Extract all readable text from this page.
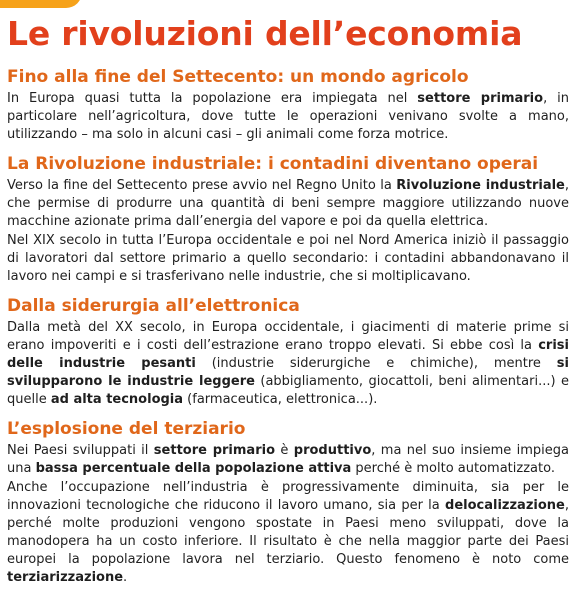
Le rivoluzioni dell’economia
Fino alla fine del Settecento: un mondo agricolo

In Europa quasi tutta la popolazione era impiegata nel settore primario, in particolare nell’agricoltura, dove tutte le operazioni venivano svolte a mano, utilizzando – ma solo in alcuni casi – gli animali come forza motrice.

La Rivoluzione industriale: i contadini diventano operai

Verso la fine del Settecento prese avvio nel Regno Unito la Rivoluzione industriale, che permise di produrre una quantità di beni sempre maggiore utilizzando nuove macchine azionate prima dall’energia del vapore e poi da quella elettrica.

Nel XIX secolo in tutta l’Europa occidentale e poi nel Nord America iniziò il passaggio di lavoratori dal settore primario a quello secondario: i contadini abbandonavano il lavoro nei campi e si trasferivano nelle industrie, che si moltiplicavano.

Dalla siderurgia all’elettronica

Dalla metà del XX secolo, in Europa occidentale, i giacimenti di materie prime si erano impoveriti e i costi dell’estrazione erano troppo elevati. Si ebbe così la crisi delle industrie pesanti (industrie siderurgiche e chimiche), mentre si svilupparono le industrie leggere (abbigliamento, giocattoli, beni alimentari...) e quelle ad alta tecnologia (farmaceutica, elettronica...).

L’esplosione del terziario

Nei Paesi sviluppati il settore primario è produttivo, ma nel suo insieme impiega una bassa percentuale della popolazione attiva perché è molto automatizzato.

Anche l’occupazione nell’industria è progressivamente diminuita, sia per le innovazioni tecnologiche che riducono il lavoro umano, sia per la delocalizzazione, perché molte produzioni vengono spostate in Paesi meno sviluppati, dove la manodopera ha un costo inferiore. Il risultato è che nella maggior parte dei Paesi europei la popolazione lavora nel terziario. Questo fenomeno è noto come terziarizzazione.
